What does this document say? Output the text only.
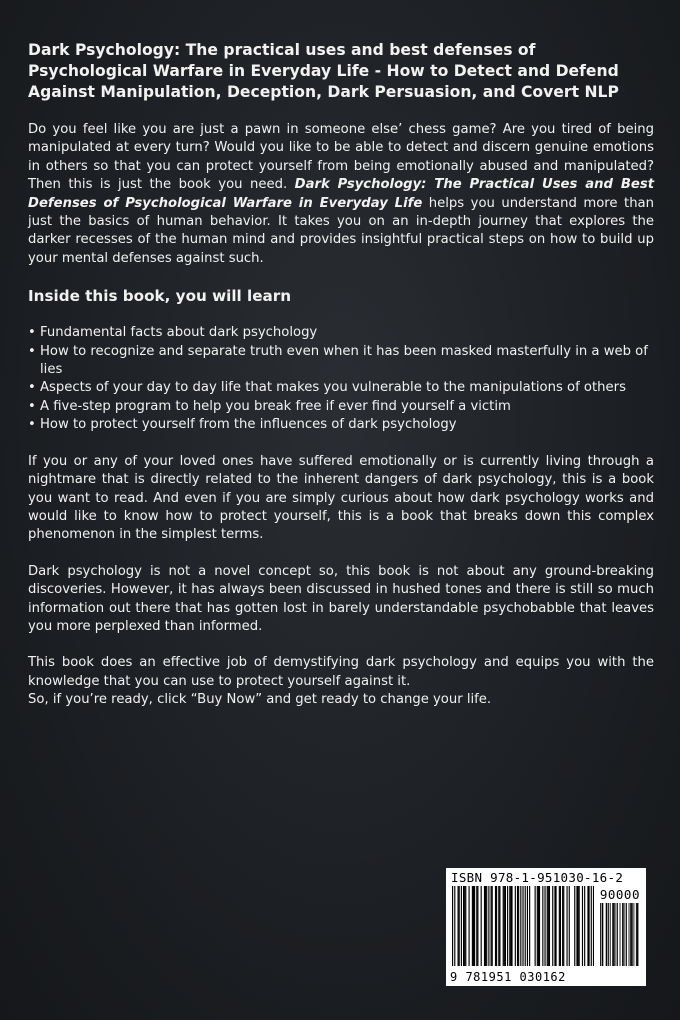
Dark Psychology: The practical uses and best defenses of Psychological Warfare in Everyday Life - How to Detect and Defend Against Manipulation, Deception, Dark Persuasion, and Covert NLP

Do you feel like you are just a pawn in someone else’ chess game? Are you tired of being manipulated at every turn? Would you like to be able to detect and discern genuine emotions in others so that you can protect yourself from being emotionally abused and manipulated? Then this is just the book you need. Dark Psychology: The Practical Uses and Best Defenses of Psychological Warfare in Everyday Life helps you understand more than just the basics of human behavior. It takes you on an in-depth journey that explores the darker recesses of the human mind and provides insightful practical steps on how to build up your mental defenses against such.

Inside this book, you will learn

• Fundamental facts about dark psychology
• How to recognize and separate truth even when it has been masked masterfully in a web of lies
• Aspects of your day to day life that makes you vulnerable to the manipulations of others
• A five-step program to help you break free if ever find yourself a victim
• How to protect yourself from the influences of dark psychology

If you or any of your loved ones have suffered emotionally or is currently living through a nightmare that is directly related to the inherent dangers of dark psychology, this is a book you want to read. And even if you are simply curious about how dark psychology works and would like to know how to protect yourself, this is a book that breaks down this complex phenomenon in the simplest terms.

Dark psychology is not a novel concept so, this book is not about any ground-breaking discoveries. However, it has always been discussed in hushed tones and there is still so much information out there that has gotten lost in barely understandable psychobabble that leaves you more perplexed than informed.

This book does an effective job of demystifying dark psychology and equips you with the knowledge that you can use to protect yourself against it.

So, if you’re ready, click “Buy Now” and get ready to change your life.

ISBN 978-1-951030-16-2
90000
9 781951 030162
